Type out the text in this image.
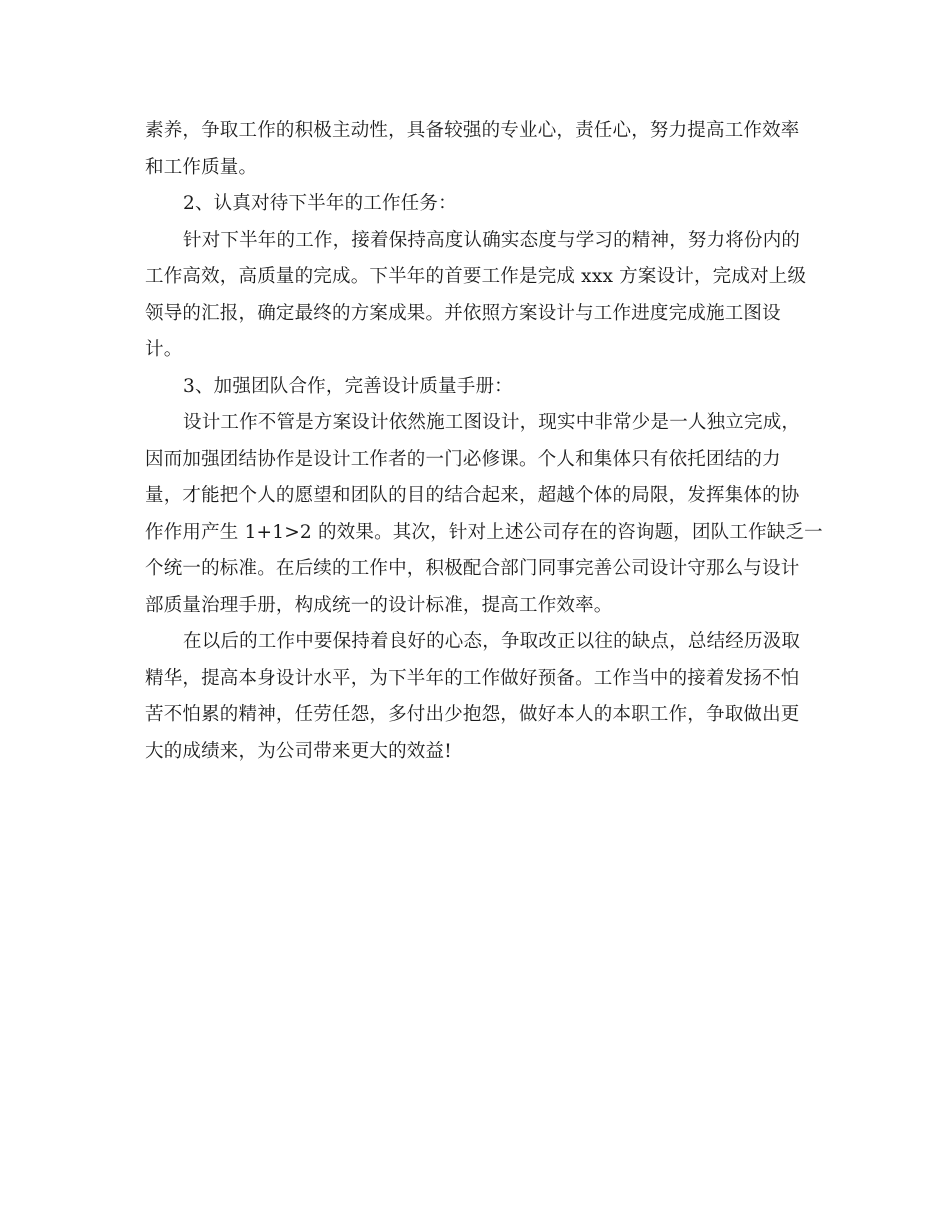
素养，争取工作的积极主动性，具备较强的专业心，责任心，努力提高工作效率
和工作质量。
2、认真对待下半年的工作任务：
针对下半年的工作，接着保持高度认确实态度与学习的精神，努力将份内的
工作高效，高质量的完成。下半年的首要工作是完成 xxx 方案设计，完成对上级
领导的汇报，确定最终的方案成果。并依照方案设计与工作进度完成施工图设
计。
3、加强团队合作，完善设计质量手册：
设计工作不管是方案设计依然施工图设计，现实中非常少是一人独立完成，
因而加强团结协作是设计工作者的一门必修课。个人和集体只有依托团结的力
量，才能把个人的愿望和团队的目的结合起来，超越个体的局限，发挥集体的协
作作用产生 1+1>2 的效果。其次，针对上述公司存在的咨询题，团队工作缺乏一
个统一的标准。在后续的工作中，积极配合部门同事完善公司设计守那么与设计
部质量治理手册，构成统一的设计标准，提高工作效率。
在以后的工作中要保持着良好的心态，争取改正以往的缺点，总结经历汲取
精华，提高本身设计水平，为下半年的工作做好预备。工作当中的接着发扬不怕
苦不怕累的精神，任劳任怨，多付出少抱怨，做好本人的本职工作，争取做出更
大的成绩来，为公司带来更大的效益!
